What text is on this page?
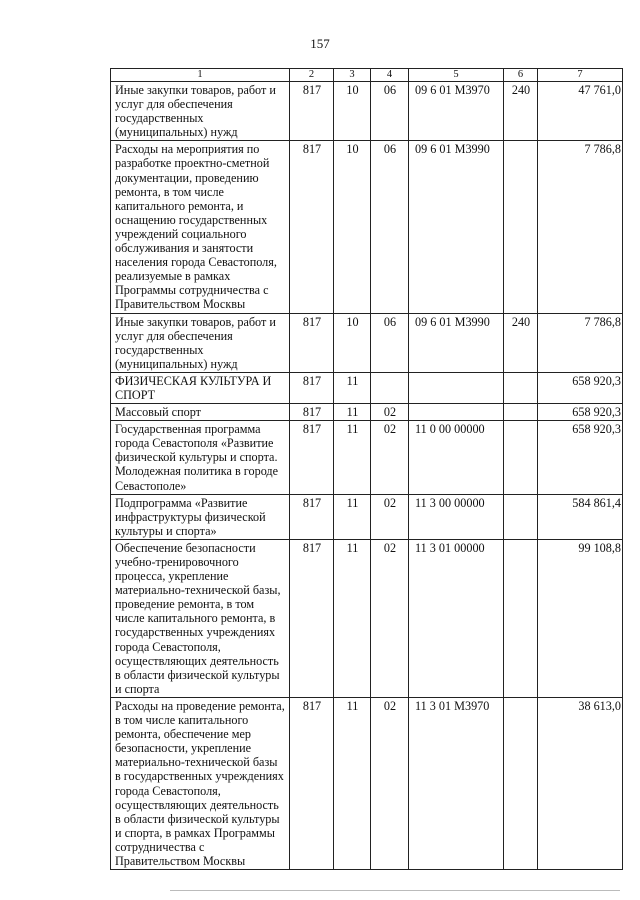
157
1	2	3	4	5	6	7
Иные закупки товаров, работ и услуг для обеспечения государственных (муниципальных) нужд	817	10	06	09 6 01 М3970	240	47 761,0
Расходы на мероприятия по разработке проектно-сметной документации, проведению ремонта, в том числе капитального ремонта, и оснащению государственных учреждений социального обслуживания и занятости населения города Севастополя, реализуемые в рамках Программы сотрудничества с Правительством Москвы	817	10	06	09 6 01 М3990		7 786,8
Иные закупки товаров, работ и услуг для обеспечения государственных (муниципальных) нужд	817	10	06	09 6 01 М3990	240	7 786,8
ФИЗИЧЕСКАЯ КУЛЬТУРА И СПОРТ	817	11				658 920,3
Массовый спорт	817	11	02			658 920,3
Государственная программа города Севастополя «Развитие физической культуры и спорта. Молодежная политика в городе Севастополе»	817	11	02	11 0 00 00000		658 920,3
Подпрограмма «Развитие инфраструктуры физической культуры и спорта»	817	11	02	11 3 00 00000		584 861,4
Обеспечение безопасности учебно-тренировочного процесса, укрепление материально-технической базы, проведение ремонта, в том числе капитального ремонта, в государственных учреждениях города Севастополя, осуществляющих деятельность в области физической культуры и спорта	817	11	02	11 3 01 00000		99 108,8
Расходы на проведение ремонта, в том числе капитального ремонта, обеспечение мер безопасности, укрепление материально-технической базы в государственных учреждениях города Севастополя, осуществляющих деятельность в области физической культуры и спорта, в рамках Программы сотрудничества с Правительством Москвы	817	11	02	11 3 01 М3970		38 613,0
